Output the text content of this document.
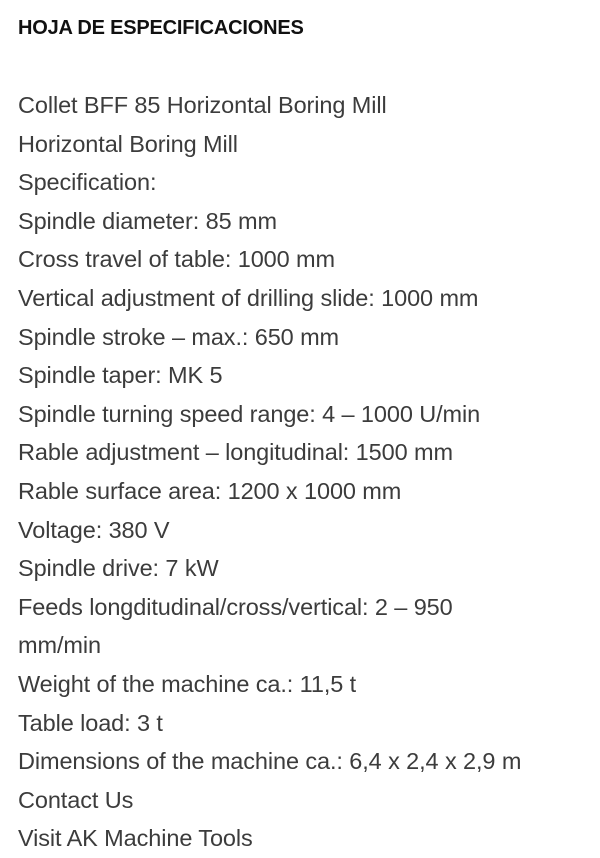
HOJA DE ESPECIFICACIONES
Collet BFF 85 Horizontal Boring Mill
Horizontal Boring Mill
Specification:
Spindle diameter: 85 mm
Cross travel of table: 1000 mm
Vertical adjustment of drilling slide: 1000 mm
Spindle stroke – max.: 650 mm
Spindle taper: MK 5
Spindle turning speed range: 4 – 1000 U/min
Rable adjustment – longitudinal: 1500 mm
Rable surface area: 1200 x 1000 mm
Voltage: 380 V
Spindle drive: 7 kW
Feeds longditudinal/cross/vertical: 2 – 950
mm/min
Weight of the machine ca.: 11,5 t
Table load: 3 t
Dimensions of the machine ca.: 6,4 x 2,4 x 2,9 m
Contact Us
Visit AK Machine Tools
